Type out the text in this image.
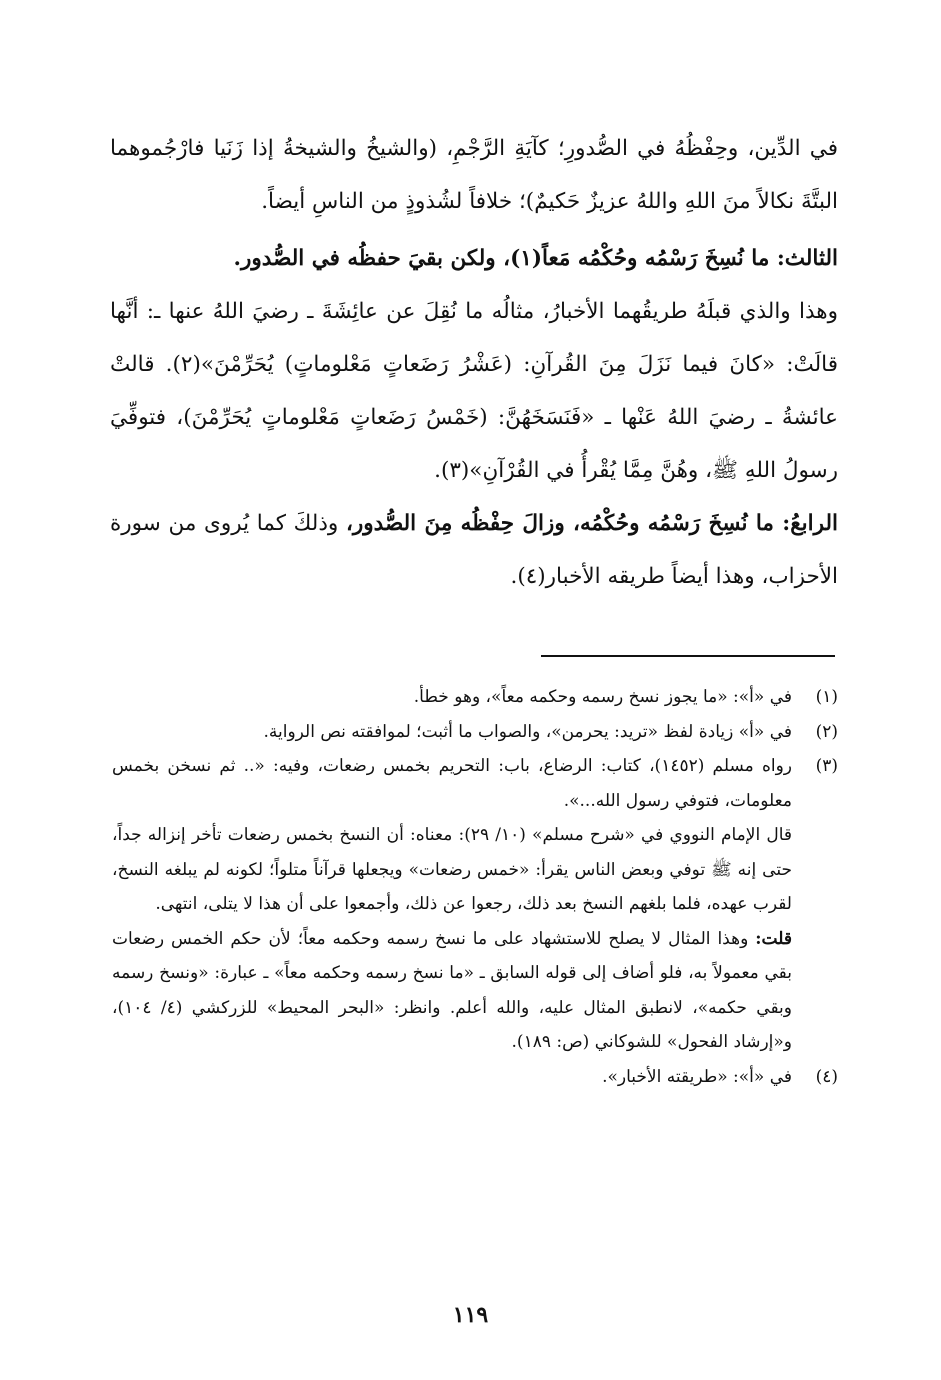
في الدِّين، وحِفْظُهُ في الصُّدورِ؛ كآيَةِ الرَّجْمِ، (والشيخُ والشيخةُ إذا زَنَيا فارْجُموهما البتَّةَ نكالاً منَ اللهِ واللهُ عزيزٌ حَكيمٌ)؛ خلافاً لشُذوذٍ من الناسِ أيضاً.

الثالث: ما نُسِخَ رَسْمُه وحُكْمُه مَعاً(١)، ولكن بقيَ حفظُه في الصُّدور.

وهذا والذي قبلَهُ طريقُهما الأخبارُ، مثالُه ما نُقِلَ عن عائِشَةَ ـ رضيَ اللهُ عنها ـ: أنَّها قالَتْ: «كانَ فيما نَزَلَ مِنَ القُرآنِ: (عَشْرُ رَضَعاتٍ مَعْلوماتٍ) يُحَرِّمْنَ»(٢). قالتْ عائشةُ ـ رضيَ اللهُ عَنْها ـ «فَنَسَخَهُنَّ: (خَمْسُ رَضَعاتٍ مَعْلوماتٍ يُحَرِّمْنَ)، فتوفِّيَ رسولُ اللهِ ﷺ، وهُنَّ مِمَّا يُقْرأُ في القُرْآنِ»(٣).

الرابعُ: ما نُسِخَ رَسْمُه وحُكْمُه، وزالَ حِفْظُه مِنَ الصُّدور، وذلكَ كما يُروى من سورة الأحزاب، وهذا أيضاً طريقه الأخبار(٤).

(١)

في «أ»: «ما يجوز نسخ رسمه وحكمه معاً»، وهو خطأ.

(٢)

في «أ» زيادة لفظ «تريد: يحرمن»، والصواب ما أثبت؛ لموافقته نص الرواية.

(٣)

رواه مسلم (١٤٥٢)، كتاب: الرضاع، باب: التحريم بخمس رضعات، وفيه: «.. ثم نسخن بخمس معلومات، فتوفي رسول الله...».

قال الإمام النووي في «شرح مسلم» (١٠/ ٢٩): معناه: أن النسخ بخمس رضعات تأخر إنزاله جداً، حتى إنه ﷺ توفي وبعض الناس يقرأ: «خمس رضعات» ويجعلها قرآناً متلواً؛ لكونه لم يبلغه النسخ، لقرب عهده، فلما بلغهم النسخ بعد ذلك، رجعوا عن ذلك، وأجمعوا على أن هذا لا يتلى، انتهى.

قلت: وهذا المثال لا يصلح للاستشهاد على ما نسخ رسمه وحكمه معاً؛ لأن حكم الخمس رضعات بقي معمولاً به، فلو أضاف إلى قوله السابق ـ «ما نسخ رسمه وحكمه معاً» ـ عبارة: «ونسخ رسمه وبقي حكمه»، لانطبق المثال عليه، والله أعلم. وانظر: «البحر المحيط» للزركشي (٤/ ١٠٤)، و«إرشاد الفحول» للشوكاني (ص: ١٨٩).

(٤)

في «أ»: «طريقته الأخبار».

١١٩
